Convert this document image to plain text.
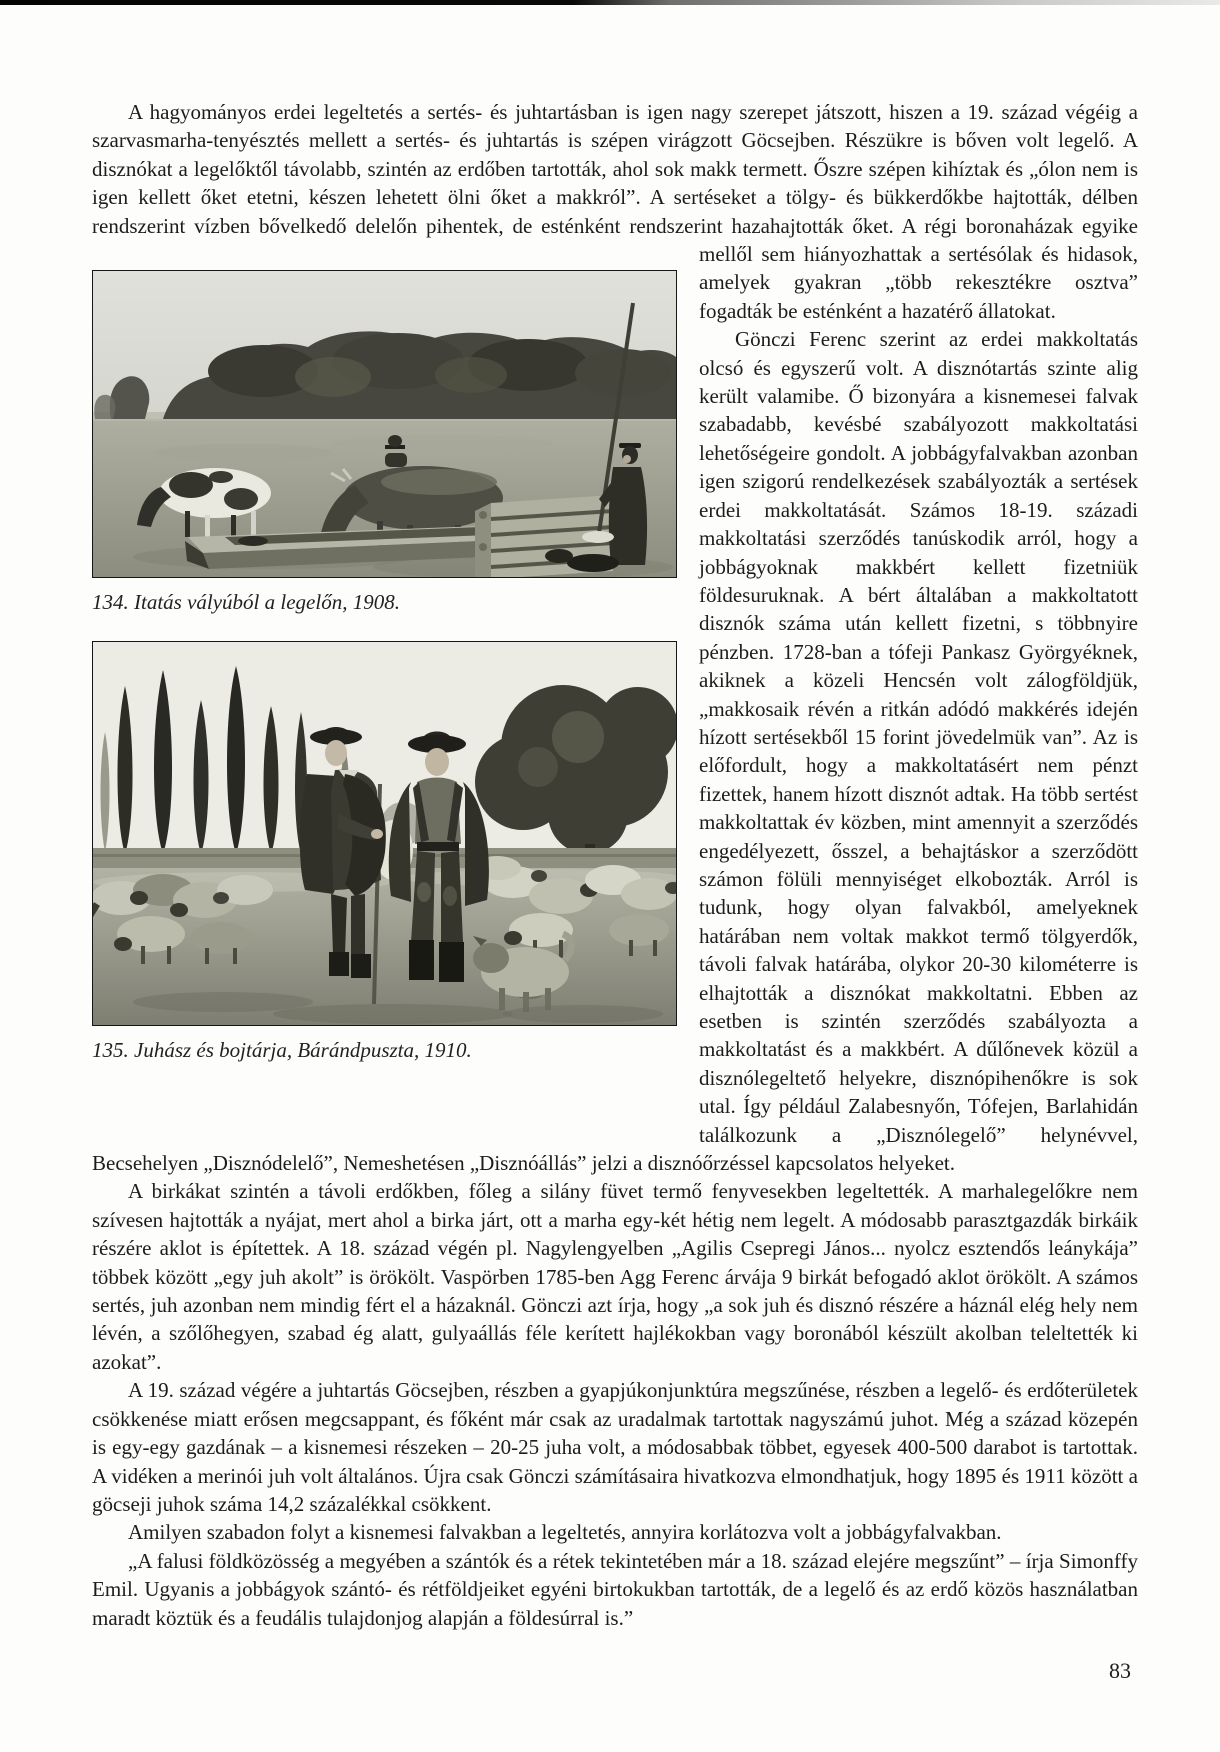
A hagyományos erdei legeltetés a sertés- és juhtartásban is igen nagy szerepet játszott, hiszen a 19. század végéig a szarvasmarha-tenyésztés mellett a sertés- és juhtartás is szépen virágzott Göcsejben. Részükre is bőven volt legelő. A disznókat a legelőktől távolabb, szintén az erdőben tartották, ahol sok makk termett. Őszre szépen kihíztak és „ólon nem is igen kellett őket etetni, készen lehetett ölni őket a makkról”. A sertéseket a tölgy- és bükkerdőkbe hajtották, délben rendszerint vízben bővelkedő delelőn pihentek, de esténként rendszerint
134. Itatás vályúból a legelőn, 1908.
135. Juhász és bojtárja, Bárándpuszta, 1910.
hazahajtották őket. A régi boronaházak egyike mellől sem hiányozhattak a sertésólak és hidasok, amelyek gyakran „több rekesztékre osztva” fogadták be esténként a hazatérő állatokat.

Gönczi Ferenc szerint az erdei makkoltatás olcsó és egyszerű volt. A disznótartás szinte alig került valamibe. Ő bizonyára a kisnemesei falvak szabadabb, kevésbé szabályozott makkoltatási lehetőségeire gondolt. A jobbágyfalvakban azonban igen szigorú rendelkezések szabályozták a sertések erdei makkoltatását. Számos 18-19. századi makkoltatási szerződés tanúskodik arról, hogy a jobbágyoknak makkbért kellett fizetniük földesuruknak. A bért általában a makkoltatott disznók száma után kellett fizetni, s többnyire pénzben. 1728-ban a tófeji Pankasz Györgyéknek, akiknek a közeli Hencsén volt zálogföldjük, „makkosaik révén a ritkán adódó makkérés idején hízott sertésekből 15 forint jövedelmük van”. Az is előfordult, hogy a makkoltatásért nem pénzt fizettek, hanem hízott disznót adtak. Ha több sertést makkoltattak év közben, mint amennyit a szerződés engedélyezett, ősszel, a behajtáskor a szerződött számon fölüli mennyiséget elkobozták. Arról is tudunk, hogy olyan falvakból, amelyeknek határában nem voltak makkot termő tölgyerdők, távoli falvak határába, olykor 20-30 kilométerre is elhajtották a disznókat makkoltatni. Ebben az esetben is szintén szerződés szabályozta a makkoltatást és a makkbért. A dűlőnevek közül a disznólegeltető helyekre, disznópihenőkre is sok utal. Így például Zalabesnyőn, Tófejen, Barlahidán találkozunk a „Disznólegelő” helynévvel, Becsehelyen „Disznódelelő”, Nemeshetésen „Disznóállás” jelzi a disznóőrzéssel kapcsolatos helyeket.

A birkákat szintén a távoli erdőkben, főleg a silány füvet termő fenyvesekben legeltették. A marhalegelőkre nem szívesen hajtották a nyájat, mert ahol a birka járt, ott a marha egy-két hétig nem legelt. A módosabb parasztgazdák birkáik részére aklot is építettek. A 18. század végén pl. Nagylengyelben „Agilis Csepregi János... nyolcz esztendős leánykája” többek között „egy juh akolt” is örökölt. Vaspörben 1785-ben Agg Ferenc árvája 9 birkát befogadó aklot örökölt. A számos sertés, juh azonban nem mindig fért el a házaknál. Gönczi azt írja, hogy „a sok juh és disznó részére a háznál elég hely nem lévén, a szőlőhegyen, szabad ég alatt, gulyaállás féle kerített hajlékokban vagy boronából készült akolban teleltették ki azokat”.

A 19. század végére a juhtartás Göcsejben, részben a gyapjúkonjunktúra megszűnése, részben a legelő- és erdőterületek csökkenése miatt erősen megcsappant, és főként már csak az uradalmak tartottak nagyszámú juhot. Még a század közepén is egy-egy gazdának – a kisnemesi részeken – 20-25 juha volt, a módosabbak többet, egyesek 400-500 darabot is tartottak. A vidéken a merinói juh volt általános. Újra csak Gönczi számításaira hivatkozva elmondhatjuk, hogy 1895 és 1911 között a göcseji juhok száma 14,2 százalékkal csökkent.

Amilyen szabadon folyt a kisnemesi falvakban a legeltetés, annyira korlátozva volt a jobbágyfalvakban.

„A falusi földközösség a megyében a szántók és a rétek tekintetében már a 18. század elejére megszűnt” – írja Simonffy Emil. Ugyanis a jobbágyok szántó- és rétföldjeiket egyéni birtokukban tartották, de a legelő és az erdő közös használatban maradt köztük és a feudális tulajdonjog alapján a földesúrral is.”

83
